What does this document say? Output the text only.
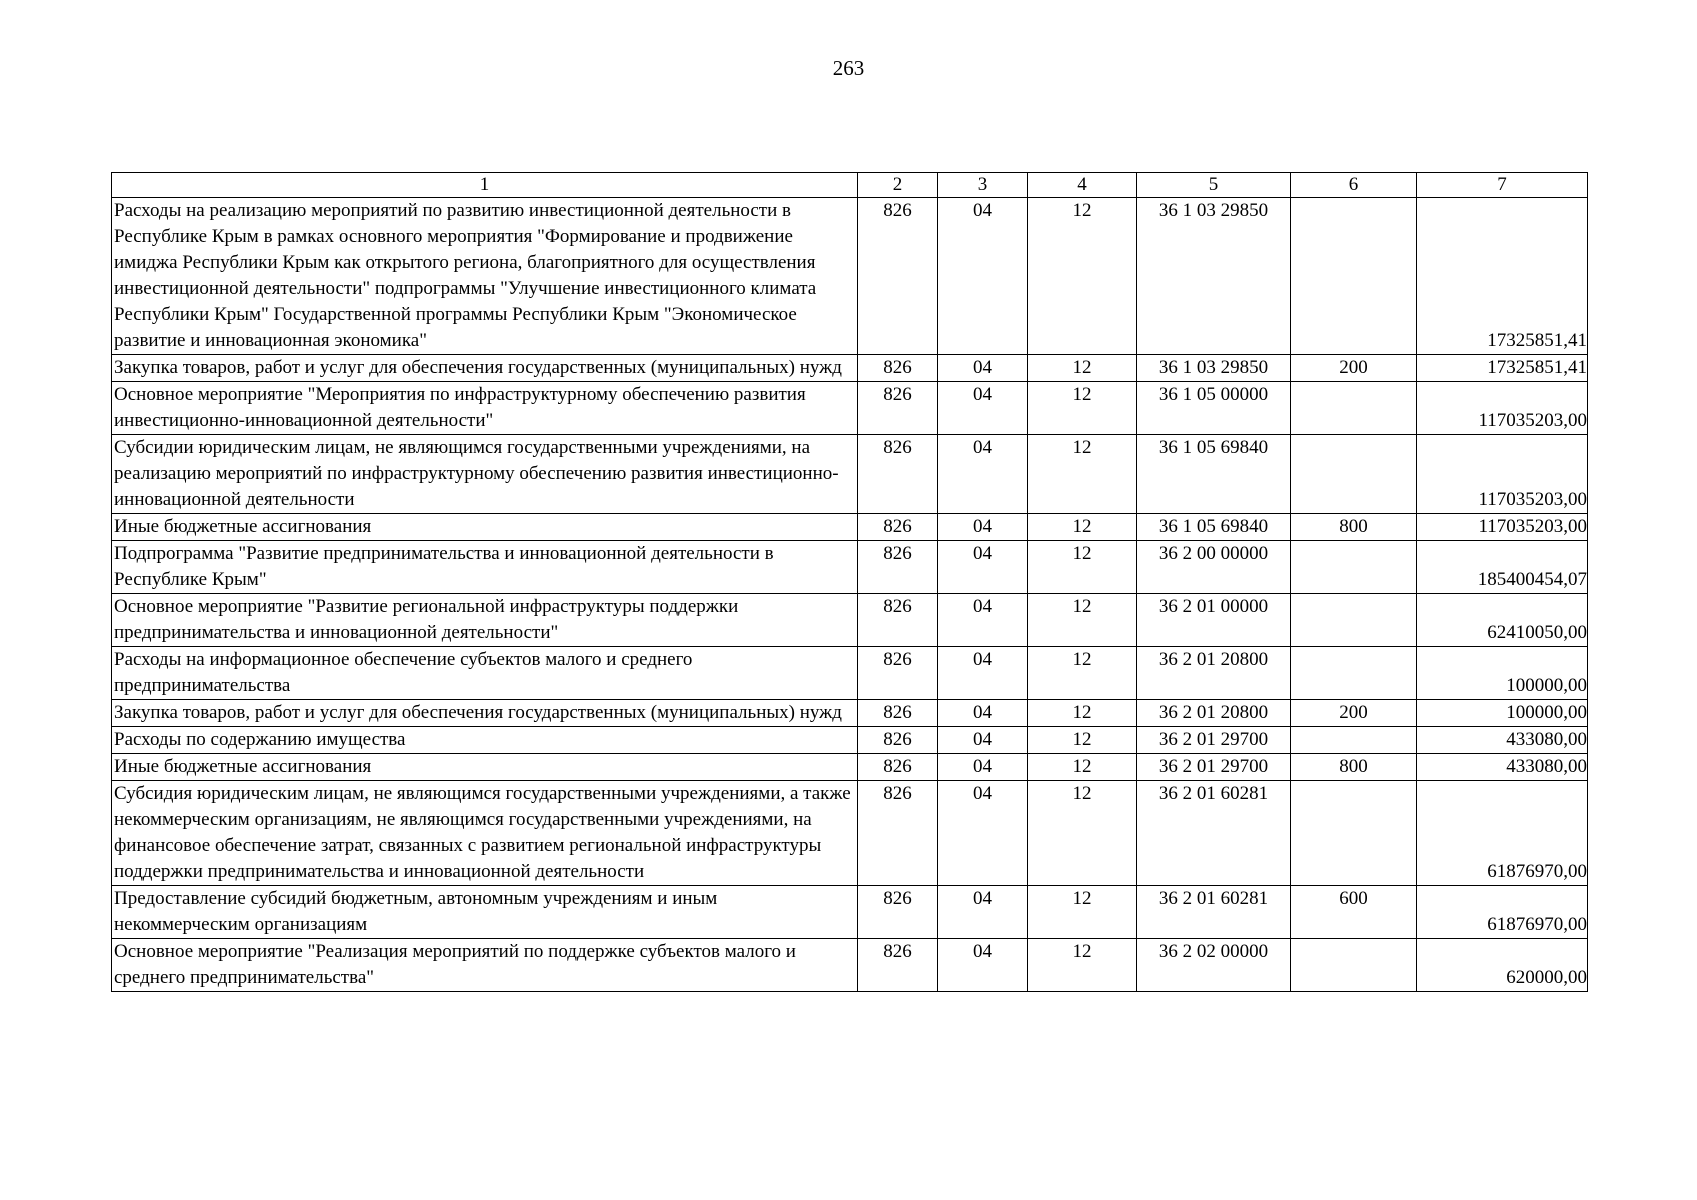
263
1	2	3	4	5	6	7
Расходы на реализацию мероприятий по развитию инвестиционной деятельности в Республике Крым в рамках основного мероприятия "Формирование и продвижение имиджа Республики Крым как открытого региона, благоприятного для осуществления инвестиционной деятельности" подпрограммы "Улучшение инвестиционного климата Республики Крым" Государственной программы Республики Крым "Экономическое развитие и инновационная экономика"	826	04	12	36 1 03 29850		17325851,41
Закупка товаров, работ и услуг для обеспечения государственных (муниципальных) нужд	826	04	12	36 1 03 29850	200	17325851,41
Основное мероприятие "Мероприятия по инфраструктурному обеспечению развития инвестиционно-инновационной деятельности"	826	04	12	36 1 05 00000		117035203,00
Субсидии юридическим лицам, не являющимся государственными учреждениями, на реализацию мероприятий по инфраструктурному обеспечению развития инвестиционно-инновационной деятельности	826	04	12	36 1 05 69840		117035203,00
Иные бюджетные ассигнования	826	04	12	36 1 05 69840	800	117035203,00
Подпрограмма "Развитие предпринимательства и инновационной деятельности в Республике Крым"	826	04	12	36 2 00 00000		185400454,07
Основное мероприятие "Развитие региональной инфраструктуры поддержки предпринимательства и инновационной деятельности"	826	04	12	36 2 01 00000		62410050,00
Расходы на информационное обеспечение субъектов малого и среднего предпринимательства	826	04	12	36 2 01 20800		100000,00
Закупка товаров, работ и услуг для обеспечения государственных (муниципальных) нужд	826	04	12	36 2 01 20800	200	100000,00
Расходы по содержанию имущества	826	04	12	36 2 01 29700		433080,00
Иные бюджетные ассигнования	826	04	12	36 2 01 29700	800	433080,00
Субсидия юридическим лицам, не являющимся государственными учреждениями, а также некоммерческим организациям, не являющимся государственными учреждениями, на финансовое обеспечение затрат, связанных с развитием региональной инфраструктуры поддержки предпринимательства и инновационной деятельности	826	04	12	36 2 01 60281		61876970,00
Предоставление субсидий бюджетным, автономным учреждениям и иным некоммерческим организациям	826	04	12	36 2 01 60281	600	61876970,00
Основное мероприятие "Реализация мероприятий по поддержке субъектов малого и среднего предпринимательства"	826	04	12	36 2 02 00000		620000,00
